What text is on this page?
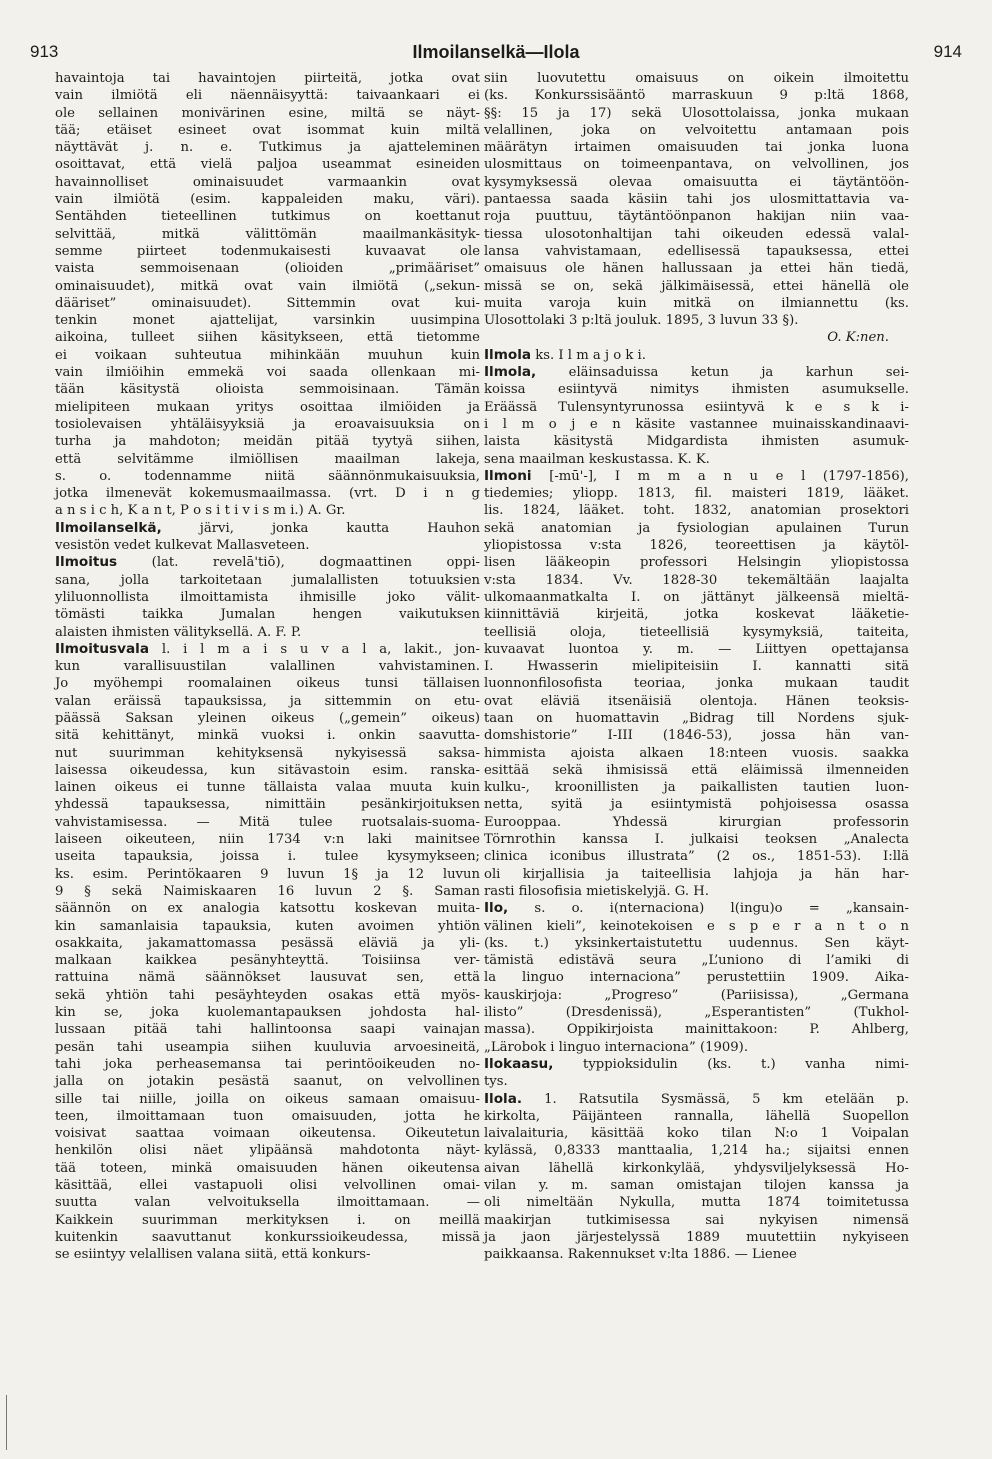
913	Ilmoilanselkä—Ilola	914
havaintoja tai havaintojen piirteitä, jotka ovat
vain ilmiötä eli näennäisyyttä: taivaankaari ei
ole sellainen monivärinen esine, miltä se näyt-
tää; etäiset esineet ovat isommat kuin miltä
näyttävät j. n. e. Tutkimus ja ajatteleminen
osoittavat, että vielä paljoa useammat esineiden
havainnolliset ominaisuudet varmaankin ovat
vain ilmiötä (esim. kappaleiden maku, väri).
Sentähden tieteellinen tutkimus on koettanut
selvittää, mitkä välittömän maailmankäsityk-
semme piirteet todenmukaisesti kuvaavat ole
vaista semmoisenaan (olioiden „primääriset”
ominaisuudet), mitkä ovat vain ilmiötä („sekun-
dääriset” ominaisuudet). Sittemmin ovat kui-
tenkin monet ajattelijat, varsinkin uusimpina
aikoina, tulleet siihen käsitykseen, että tietomme
ei voikaan suhteutua mihinkään muuhun kuin
vain ilmiöihin emmekä voi saada ollenkaan mi-
tään käsitystä olioista semmoisinaan. Tämän
mielipiteen mukaan yritys osoittaa ilmiöiden ja
tosiolevaisen yhtäläisyyksiä ja eroavaisuuksia on
turha ja mahdoton; meidän pitää tyytyä siihen,
että selvitämme ilmiöllisen maailman lakeja,
s. o. todennamme niitä säännönmukaisuuksia,
jotka ilmenevät kokemusmaailmassa. (vrt. D i n g
a n s i c h, K a n t, P o s i t i v i s m i.) A. Gr.
Ilmoilanselkä, järvi, jonka kautta Hauhon
vesistön vedet kulkevat Mallasveteen.
Ilmoitus (lat. revelā'tiō), dogmaattinen oppi-
sana, jolla tarkoitetaan jumalallisten totuuksien
yliluonnollista ilmoittamista ihmisille joko välit-
tömästi taikka Jumalan hengen vaikutuksen
alaisten ihmisten välityksellä. A. F. P.
Ilmoitusvala l. i l m a i s u v a l a, lakit., jon-
kun varallisuustilan valallinen vahvistaminen.
Jo myöhempi roomalainen oikeus tunsi tällaisen
valan eräissä tapauksissa, ja sittemmin on etu-
päässä Saksan yleinen oikeus („gemein” oikeus)
sitä kehittänyt, minkä vuoksi i. onkin saavutta-
nut suurimman kehityksensä nykyisessä saksa-
laisessa oikeudessa, kun sitävastoin esim. ranska-
lainen oikeus ei tunne tällaista valaa muuta kuin
yhdessä tapauksessa, nimittäin pesänkirjoituksen
vahvistamisessa. — Mitä tulee ruotsalais-suoma-
laiseen oikeuteen, niin 1734 v:n laki mainitsee
useita tapauksia, joissa i. tulee kysymykseen;
ks. esim. Perintökaaren 9 luvun 1§ ja 12 luvun
9 § sekä Naimiskaaren 16 luvun 2 §. Saman
säännön on ex analogia katsottu koskevan muita-
kin samanlaisia tapauksia, kuten avoimen yhtiön
osakkaita, jakamattomassa pesässä eläviä ja yli-
malkaan kaikkea pesänyhteyttä. Toisiinsa ver-
rattuina nämä säännökset lausuvat sen, että
sekä yhtiön tahi pesäyhteyden osakas että myös-
kin se, joka kuolemantapauksen johdosta hal-
lussaan pitää tahi hallintoonsa saapi vainajan
pesän tahi useampia siihen kuuluvia arvoesineitä,
tahi joka perheasemansa tai perintöoikeuden no-
jalla on jotakin pesästä saanut, on velvollinen
sille tai niille, joilla on oikeus samaan omaisuu-
teen, ilmoittamaan tuon omaisuuden, jotta he
voisivat saattaa voimaan oikeutensa. Oikeutetun
henkilön olisi näet ylipäänsä mahdotonta näyt-
tää toteen, minkä omaisuuden hänen oikeutensa
käsittää, ellei vastapuoli olisi velvollinen omai-
suutta valan velvoituksella ilmoittamaan. —
Kaikkein suurimman merkityksen i. on meillä
kuitenkin saavuttanut konkurssioikeudessa, missä
se esiintyy velallisen valana siitä, että konkurs-
siin luovutettu omaisuus on oikein ilmoitettu
(ks. Konkurssisääntö marraskuun 9 p:ltä 1868,
§§: 15 ja 17) sekä Ulosottolaissa, jonka mukaan
velallinen, joka on velvoitettu antamaan pois
määrätyn irtaimen omaisuuden tai jonka luona
ulosmittaus on toimeenpantava, on velvollinen, jos
kysymyksessä olevaa omaisuutta ei täytäntöön-
pantaessa saada käsiin tahi jos ulosmittattavia va-
roja puuttuu, täytäntöönpanon hakijan niin vaa-
tiessa ulosotonhaltijan tahi oikeuden edessä valal-
lansa vahvistamaan, edellisessä tapauksessa, ettei
omaisuus ole hänen hallussaan ja ettei hän tiedä,
missä se on, sekä jälkimäisessä, ettei hänellä ole
muita varoja kuin mitkä on ilmiannettu (ks.
Ulosottolaki 3 p:ltä jouluk. 1895, 3 luvun 33 §).
O. K:nen.
Ilmola ks. I l m a j o k i.
Ilmola, eläinsaduissa ketun ja karhun sei-
koissa esiintyvä nimitys ihmisten asumukselle.
Eräässä Tulensyntyrunossa esiintyvä k e s k i-
i l m o j e n käsite vastannee muinaisskandinaavi-
laista käsitystä Midgardista ihmisten asumuk-
sena maailman keskustassa. K. K.
Ilmoni [-mū'-], I m m a n u e l (1797-1856),
tiedemies; yliopp. 1813, fil. maisteri 1819, lääket.
lis. 1824, lääket. toht. 1832, anatomian prosektori
sekä anatomian ja fysiologian apulainen Turun
yliopistossa v:sta 1826, teoreettisen ja käytöl-
lisen lääkeopin professori Helsingin yliopistossa
v:sta 1834. Vv. 1828-30 tekemältään laajalta
ulkomaanmatkalta I. on jättänyt jälkeensä mieltä-
kiinnittäviä kirjeitä, jotka koskevat lääketie-
teellisiä oloja, tieteellisiä kysymyksiä, taiteita,
kuvaavat luontoa y. m. — Liittyen opettajansa
I. Hwasserin mielipiteisiin I. kannatti sitä
luonnonfilosofista teoriaa, jonka mukaan taudit
ovat eläviä itsenäisiä olentoja. Hänen teoksis-
taan on huomattavin „Bidrag till Nordens sjuk-
domshistorie” I-III (1846-53), jossa hän van-
himmista ajoista alkaen 18:nteen vuosis. saakka
esittää sekä ihmisissä että eläimissä ilmenneiden
kulku-, kroonillisten ja paikallisten tautien luon-
netta, syitä ja esiintymistä pohjoisessa osassa
Eurooppaa. Yhdessä kirurgian professorin
Törnrothin kanssa I. julkaisi teoksen „Analecta
clinica iconibus illustrata” (2 os., 1851-53). I:llä
oli kirjallisia ja taiteellisia lahjoja ja hän har-
rasti filosofisia mietiskelyjä. G. H.
Ilo, s. o. i(nternaciona) l(ingu)o = „kansain-
välinen kieli”, keinotekoisen e s p e r a n t o n
(ks. t.) yksinkertaistutettu uudennus. Sen käyt-
tämistä edistävä seura „L’uniono di l’amiki di
la linguo internaciona” perustettiin 1909. Aika-
kauskirjoja: „Progreso” (Pariisissa), „Germana
ilisto” (Dresdenissä), „Esperantisten” (Tukhol-
massa). Oppikirjoista mainittakoon: P. Ahlberg,
„Lärobok i linguo internaciona” (1909).
Ilokaasu, typpioksidulin (ks. t.) vanha nimi-
tys.
Ilola. 1. Ratsutila Sysmässä, 5 km etelään p.
kirkolta, Päijänteen rannalla, lähellä Suopellon
laivalaituria, käsittää koko tilan N:o 1 Voipalan
kylässä, 0,8333 manttaalia, 1,214 ha.; sijaitsi ennen
aivan lähellä kirkonkylää, yhdysviljelyksessä Ho-
vilan y. m. saman omistajan tilojen kanssa ja
oli nimeltään Nykulla, mutta 1874 toimitetussa
maakirjan tutkimisessa sai nykyisen nimensä
ja jaon järjestelyssä 1889 muutettiin nykyiseen
paikkaansa. Rakennukset v:lta 1886. — Lienee
